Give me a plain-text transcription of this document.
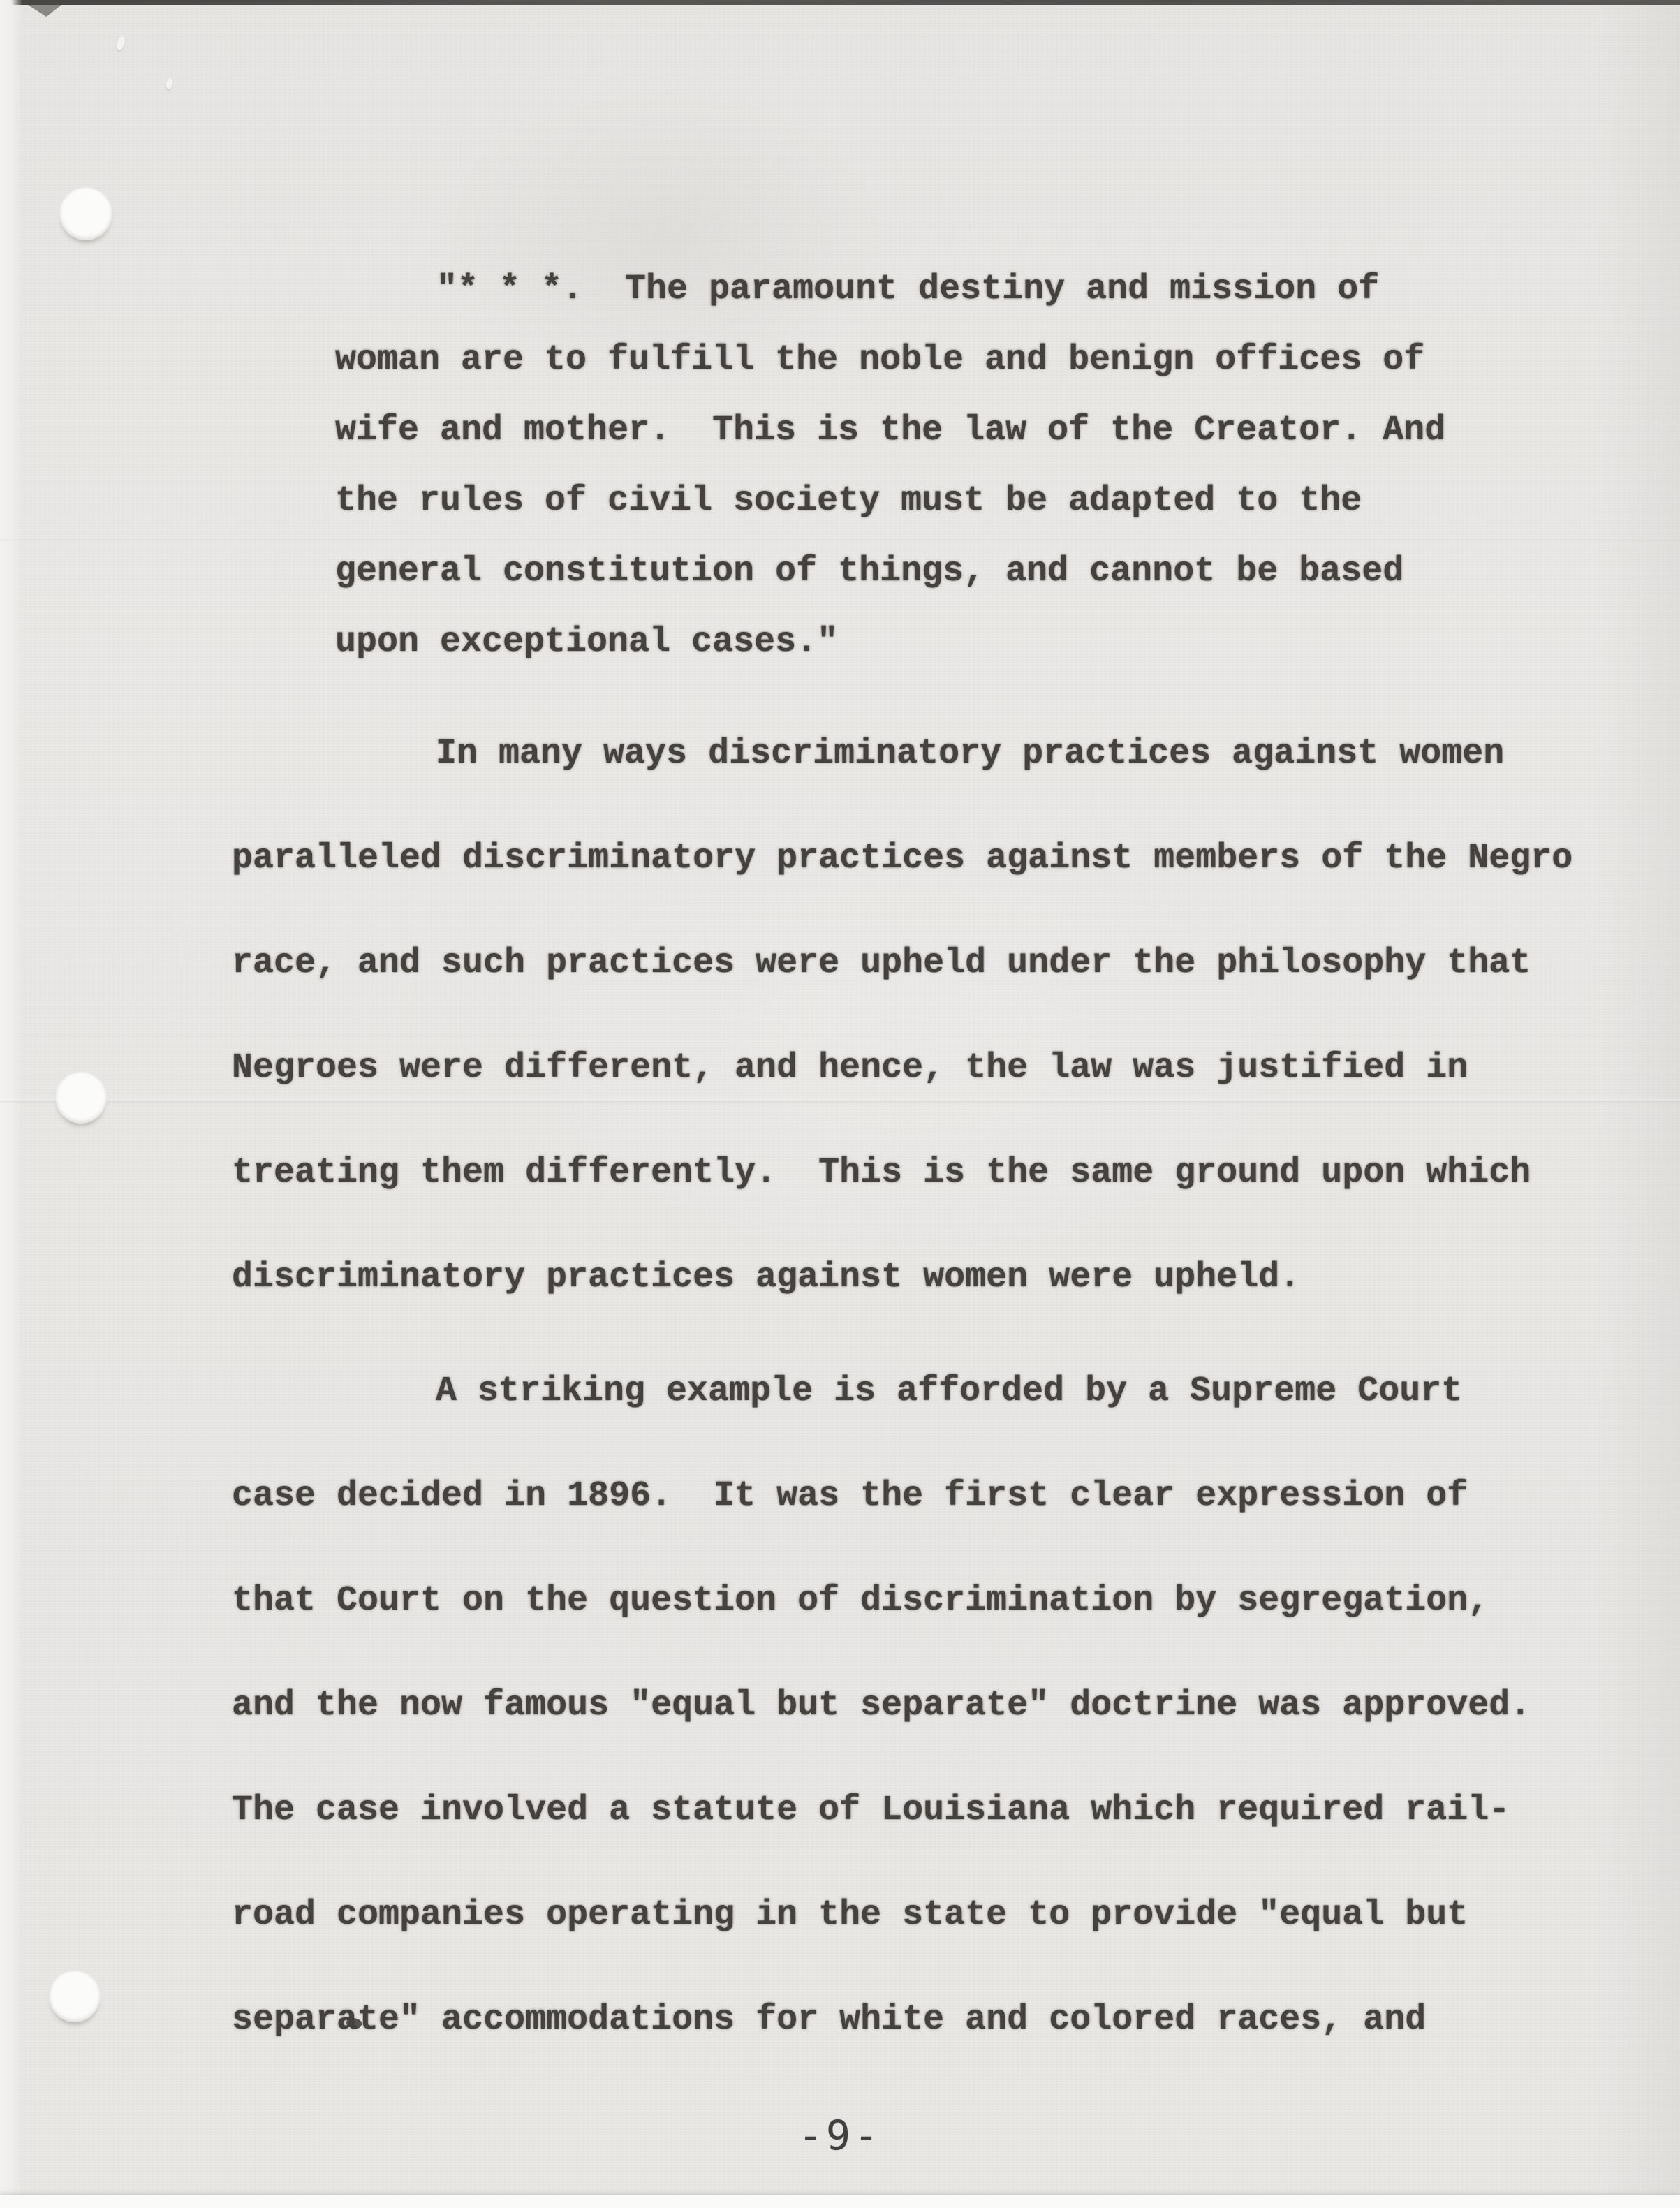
"* * *.  The paramount destiny and mission of
woman are to fulfill the noble and benign offices of
wife and mother.  This is the law of the Creator. And
the rules of civil society must be adapted to the
general constitution of things, and cannot be based
upon exceptional cases."
In many ways discriminatory practices against women
paralleled discriminatory practices against members of the Negro
race, and such practices were upheld under the philosophy that
Negroes were different, and hence, the law was justified in
treating them differently.  This is the same ground upon which
discriminatory practices against women were upheld.
A striking example is afforded by a Supreme Court
case decided in 1896.  It was the first clear expression of
that Court on the question of discrimination by segregation,
and the now famous "equal but separate" doctrine was approved.
The case involved a statute of Louisiana which required rail-
road companies operating in the state to provide "equal but
separate" accommodations for white and colored races, and
-9-
